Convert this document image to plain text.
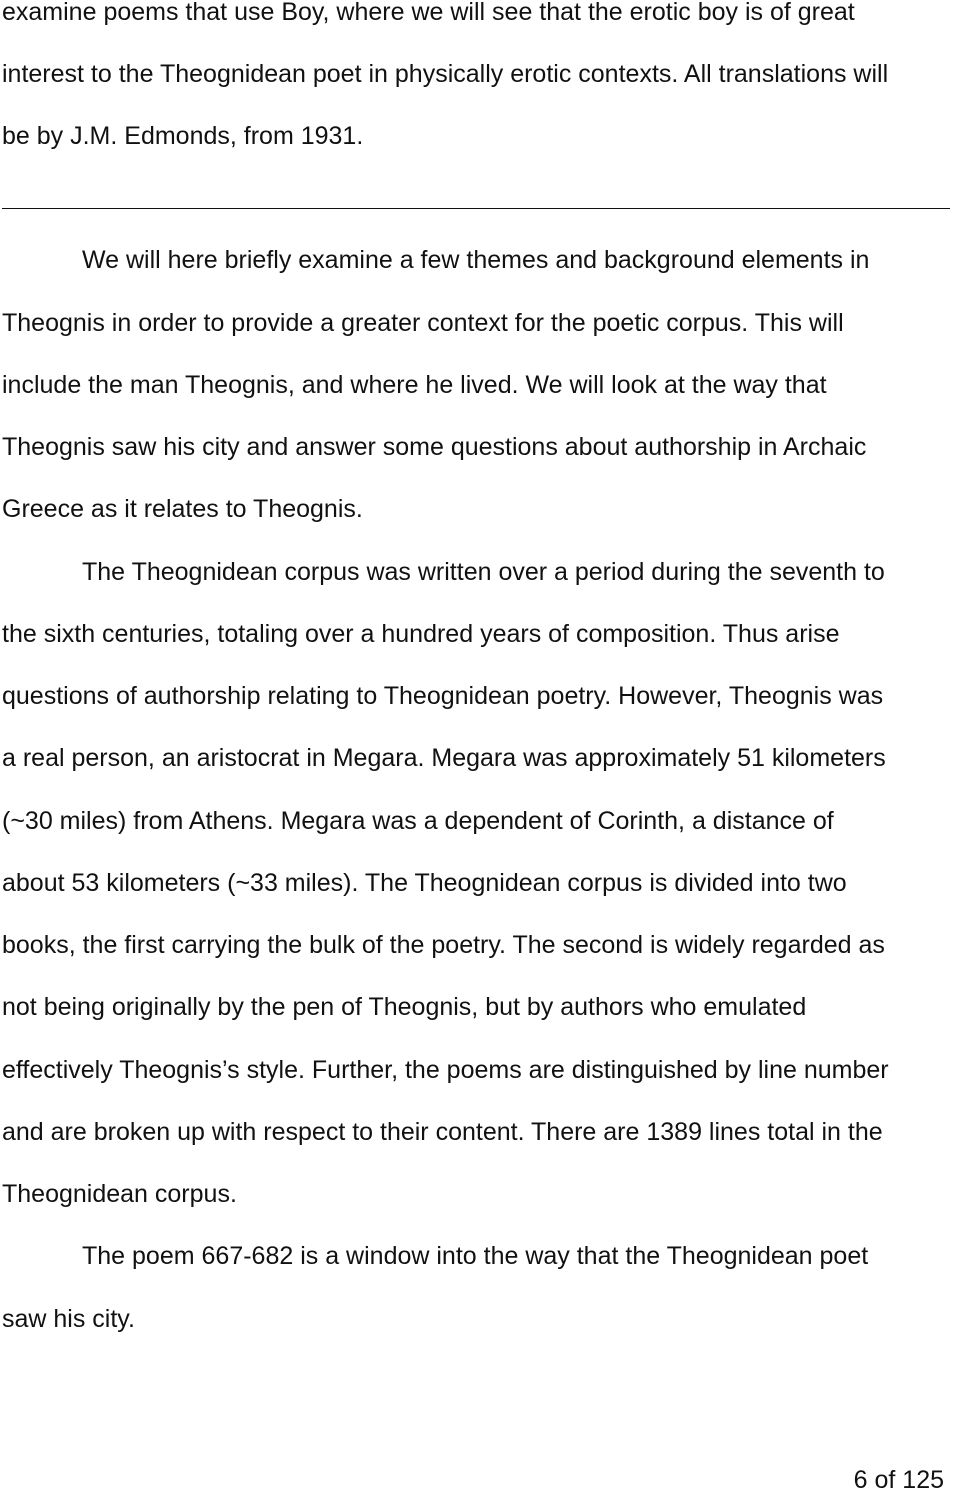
examine poems that use Boy, where we will see that the erotic boy is of great
interest to the Theognidean poet in physically erotic contexts. All translations will
be by J.M. Edmonds, from 1931.
We will here briefly examine a few themes and background elements in
Theognis in order to provide a greater context for the poetic corpus. This will
include the man Theognis, and where he lived. We will look at the way that
Theognis saw his city and answer some questions about authorship in Archaic
Greece as it relates to Theognis.
The Theognidean corpus was written over a period during the seventh to
the sixth centuries, totaling over a hundred years of composition. Thus arise
questions of authorship relating to Theognidean poetry. However, Theognis was
a real person, an aristocrat in Megara. Megara was approximately 51 kilometers
(~30 miles) from Athens. Megara was a dependent of Corinth, a distance of
about 53 kilometers (~33 miles). The Theognidean corpus is divided into two
books, the first carrying the bulk of the poetry. The second is widely regarded as
not being originally by the pen of Theognis, but by authors who emulated
effectively Theognis’s style. Further, the poems are distinguished by line number
and are broken up with respect to their content. There are 1389 lines total in the
Theognidean corpus.
The poem 667-682 is a window into the way that the Theognidean poet
saw his city.
6 of 125
